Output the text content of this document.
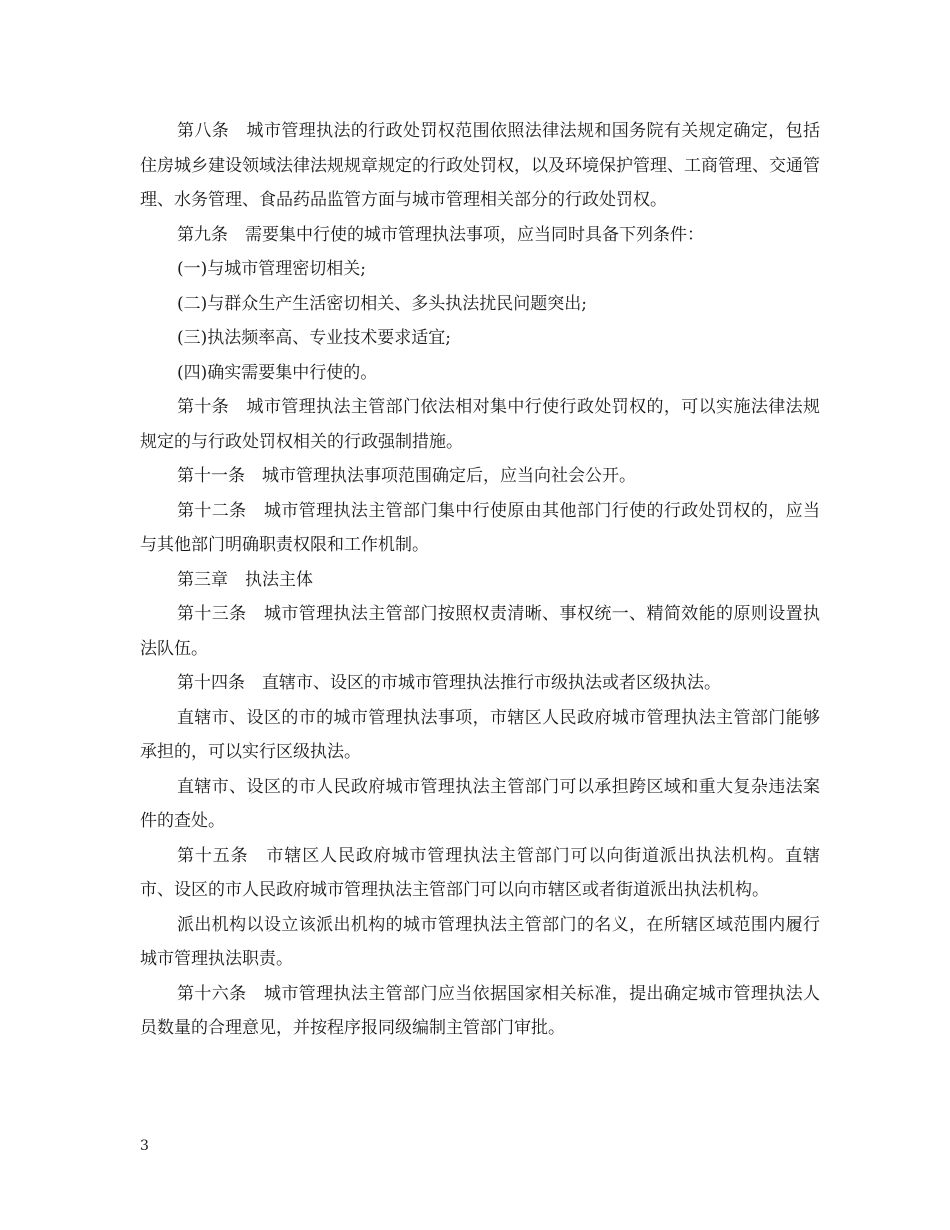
第八条　城市管理执法的行政处罚权范围依照法律法规和国务院有关规定确定，包括住房城乡建设领域法律法规规章规定的行政处罚权，以及环境保护管理、工商管理、交通管理、水务管理、食品药品监管方面与城市管理相关部分的行政处罚权。

第九条　需要集中行使的城市管理执法事项，应当同时具备下列条件：

(一)与城市管理密切相关;

(二)与群众生产生活密切相关、多头执法扰民问题突出;

(三)执法频率高、专业技术要求适宜;

(四)确实需要集中行使的。

第十条　城市管理执法主管部门依法相对集中行使行政处罚权的，可以实施法律法规规定的与行政处罚权相关的行政强制措施。

第十一条　城市管理执法事项范围确定后，应当向社会公开。

第十二条　城市管理执法主管部门集中行使原由其他部门行使的行政处罚权的，应当与其他部门明确职责权限和工作机制。

第三章　执法主体

第十三条　城市管理执法主管部门按照权责清晰、事权统一、精简效能的原则设置执法队伍。

第十四条　直辖市、设区的市城市管理执法推行市级执法或者区级执法。

直辖市、设区的市的城市管理执法事项，市辖区人民政府城市管理执法主管部门能够承担的，可以实行区级执法。

直辖市、设区的市人民政府城市管理执法主管部门可以承担跨区域和重大复杂违法案件的查处。

第十五条　市辖区人民政府城市管理执法主管部门可以向街道派出执法机构。直辖市、设区的市人民政府城市管理执法主管部门可以向市辖区或者街道派出执法机构。

派出机构以设立该派出机构的城市管理执法主管部门的名义，在所辖区域范围内履行城市管理执法职责。

第十六条　城市管理执法主管部门应当依据国家相关标准，提出确定城市管理执法人员数量的合理意见，并按程序报同级编制主管部门审批。

3
